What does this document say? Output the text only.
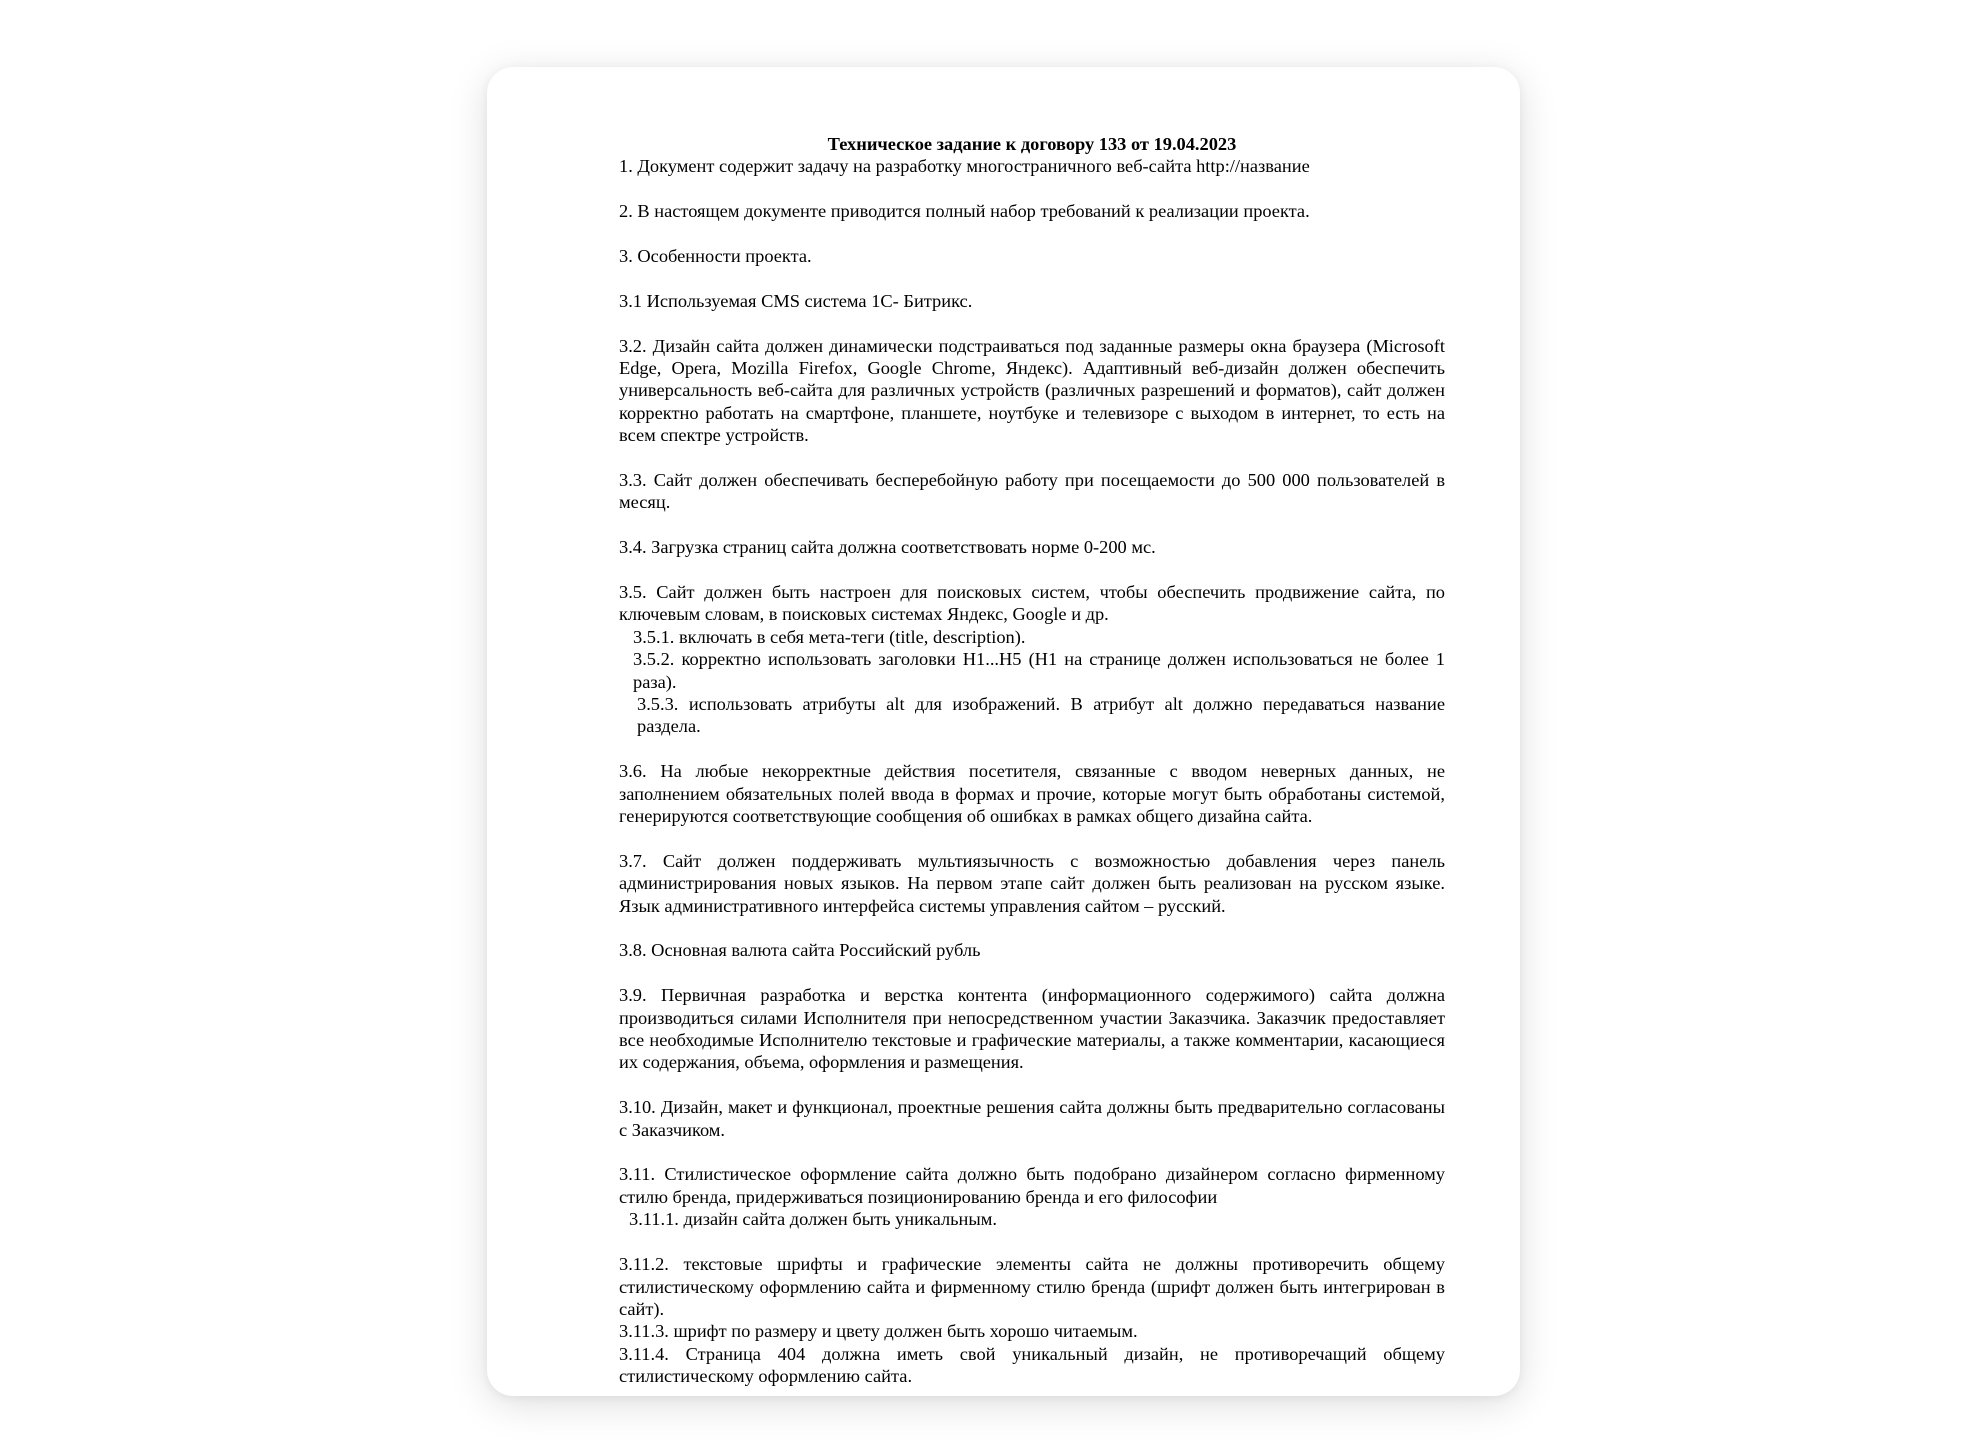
Техническое задание к договору 133 от 19.04.2023

1. Документ содержит задачу на разработку многостраничного веб-сайта http://название

2. В настоящем документе приводится полный набор требований к реализации проекта.

3. Особенности проекта.

3.1 Используемая CMS система 1С- Битрикс.

3.2. Дизайн сайта должен динамически подстраиваться под заданные размеры окна браузера (Microsoft Edge, Opera, Mozilla Firefox, Google Chrome, Яндекс). Адаптивный веб-дизайн должен обеспечить универсальность веб-сайта для различных устройств (различных разрешений и форматов), сайт должен корректно работать на смартфоне, планшете, ноутбуке и телевизоре с выходом в интернет, то есть на всем спектре устройств.

3.3. Сайт должен обеспечивать бесперебойную работу при посещаемости до 500 000 пользователей в месяц.

3.4. Загрузка страниц сайта должна соответствовать норме 0-200 мс.

3.5. Сайт должен быть настроен для поисковых систем, чтобы обеспечить продвижение сайта, по ключевым словам, в поисковых системах Яндекс, Google и др.

3.5.1. включать в себя мета-теги (title, description).

3.5.2. корректно использовать заголовки H1...H5 (H1 на странице должен использоваться не более 1 раза).

3.5.3. использовать атрибуты alt для изображений. В атрибут alt должно передаваться название раздела.

3.6. На любые некорректные действия посетителя, связанные с вводом неверных данных, не заполнением обязательных полей ввода в формах и прочие, которые могут быть обработаны системой, генерируются соответствующие сообщения об ошибках в рамках общего дизайна сайта.

3.7. Сайт должен поддерживать мультиязычность с возможностью добавления через панель администрирования новых языков. На первом этапе сайт должен быть реализован на русском языке. Язык административного интерфейса системы управления сайтом – русский.

3.8. Основная валюта сайта Российский рубль

3.9. Первичная разработка и верстка контента (информационного содержимого) сайта должна производиться силами Исполнителя при непосредственном участии Заказчика. Заказчик предоставляет все необходимые Исполнителю текстовые и графические материалы, а также комментарии, касающиеся их содержания, объема, оформления и размещения.

3.10. Дизайн, макет и функционал, проектные решения сайта должны быть предварительно согласованы с Заказчиком.

3.11. Стилистическое оформление сайта должно быть подобрано дизайнером согласно фирменному стилю бренда, придерживаться позиционированию бренда и его философии

3.11.1. дизайн сайта должен быть уникальным.

3.11.2. текстовые шрифты и графические элементы сайта не должны противоречить общему стилистическому оформлению сайта и фирменному стилю бренда (шрифт должен быть интегрирован в сайт).

3.11.3. шрифт по размеру и цвету должен быть хорошо читаемым.

3.11.4. Страница 404 должна иметь свой уникальный дизайн, не противоречащий общему стилистическому оформлению сайта.
